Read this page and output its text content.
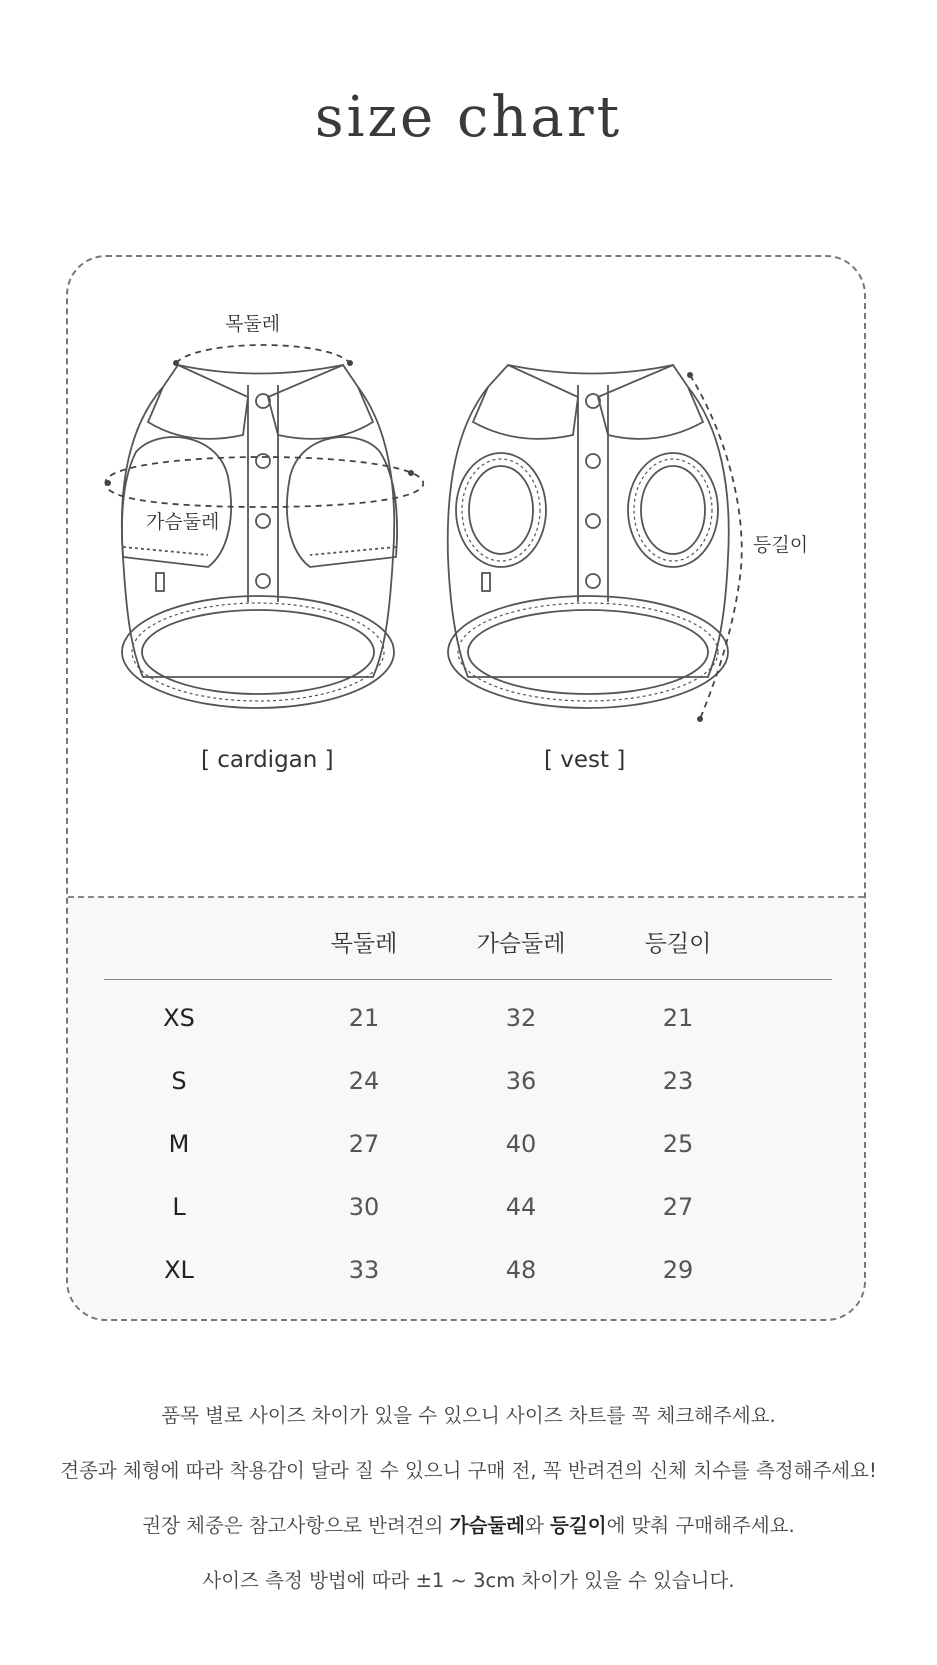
size chart
목둘레
가슴둘레
등길이
[ cardigan ]	[ vest ]
목둘레	가슴둘레	등길이
XS	21	32	21
S	24	36	23
M	27	40	25
L	30	44	27
XL	33	48	29
품목 별로 사이즈 차이가 있을 수 있으니 사이즈 차트를 꼭 체크해주세요.
견종과 체형에 따라 착용감이 달라 질 수 있으니 구매 전, 꼭 반려견의 신체 치수를 측정해주세요!
권장 체중은 참고사항으로 반려견의 가슴둘레와 등길이에 맞춰 구매해주세요.
사이즈 측정 방법에 따라 ±1 ~ 3cm 차이가 있을 수 있습니다.
